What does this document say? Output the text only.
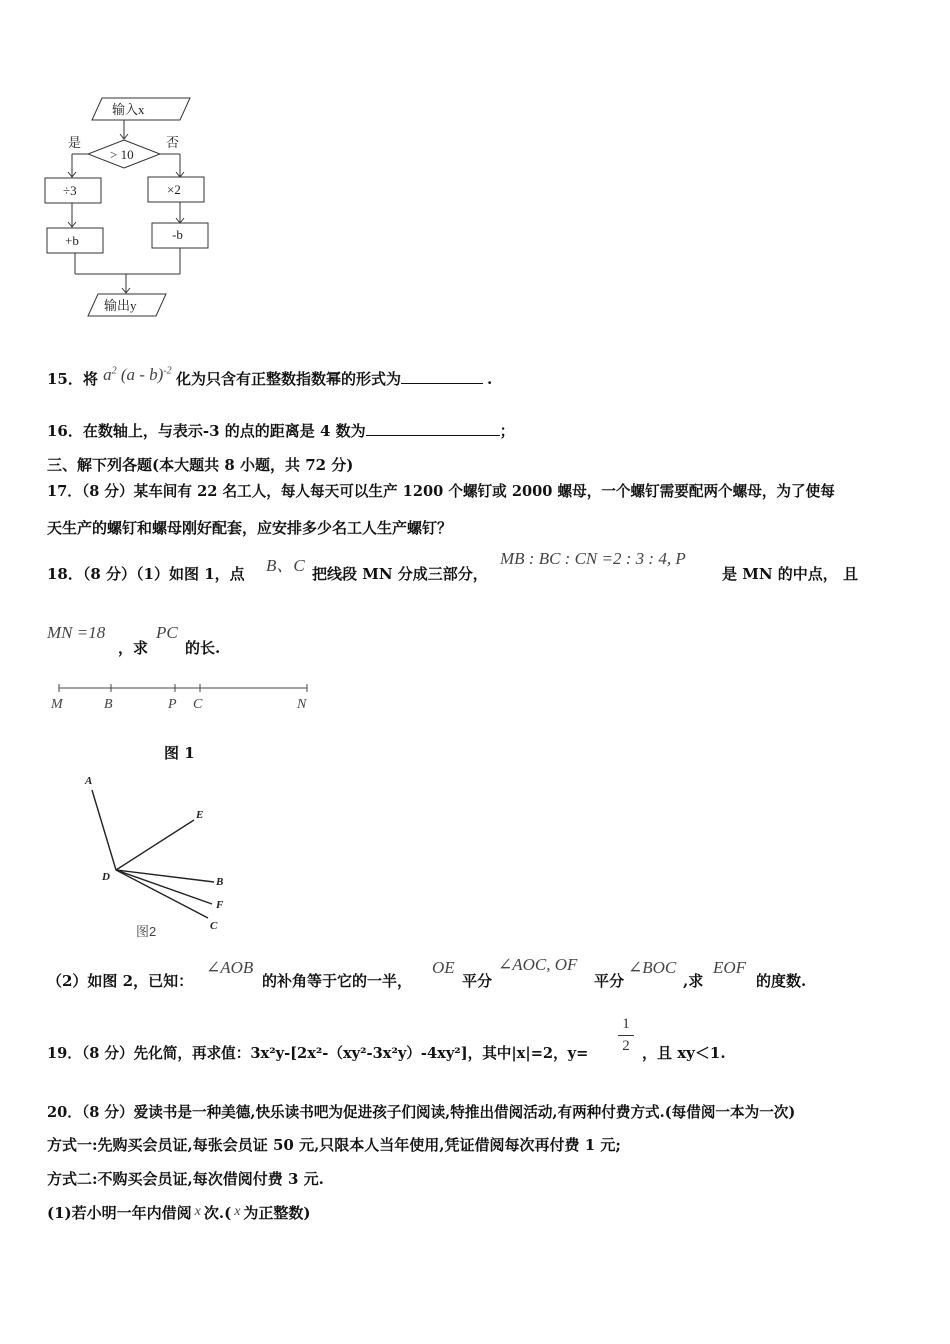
输入x
是	否
> 10
÷3	×2
+b	-b
输出y
15．将 $a^2$ (a - b)$^{-2}$ 化为只含有正整数指数幂的形式为	.
16．在数轴上，与表示-3 的点的距离是 4 数为	；
三、解下列各题(本大题共 8 小题，共 72 分)
17．（8 分）某车间有 22 名工人，每人每天可以生产 1200 个螺钉或 2000 螺母，一个螺钉需要配两个螺母，为了使每
天生产的螺钉和螺母刚好配套，应安排多少名工人生产螺钉？
18．（8 分）（1）如图 1，点 B、C 把线段 MN 分成三部分，
MB : BC : CN =2 : 3 : 4, P
是 MN 的中点， 且
MN =18
，求
PC
的长.
M	B	P C	N
图 1
A
E
D	B
F
C
图2
（2）如图 2，已知：
∠AOB
的补角等于它的一半，
OE
平分
∠AOC, OF
平分
∠BOC
,求
EOF
的度数.
19．（8 分）先化简，再求值：3x²y-[2x²-（xy²-3x²y）-4xy²]，其中|x|=2，y=
1
2 ，且 xy＜1.
20．（8 分）爱读书是一种美德,快乐读书吧为促进孩子们阅读,特推出借阅活动,有两种付费方式.(每借阅一本为一次)
方式一:先购买会员证,每张会员证 50 元,只限本人当年使用,凭证借阅每次再付费 1 元;
方式二:不购买会员证,每次借阅付费 3 元.
(1)若小明一年内借阅 x 次.( x 为正整数)
